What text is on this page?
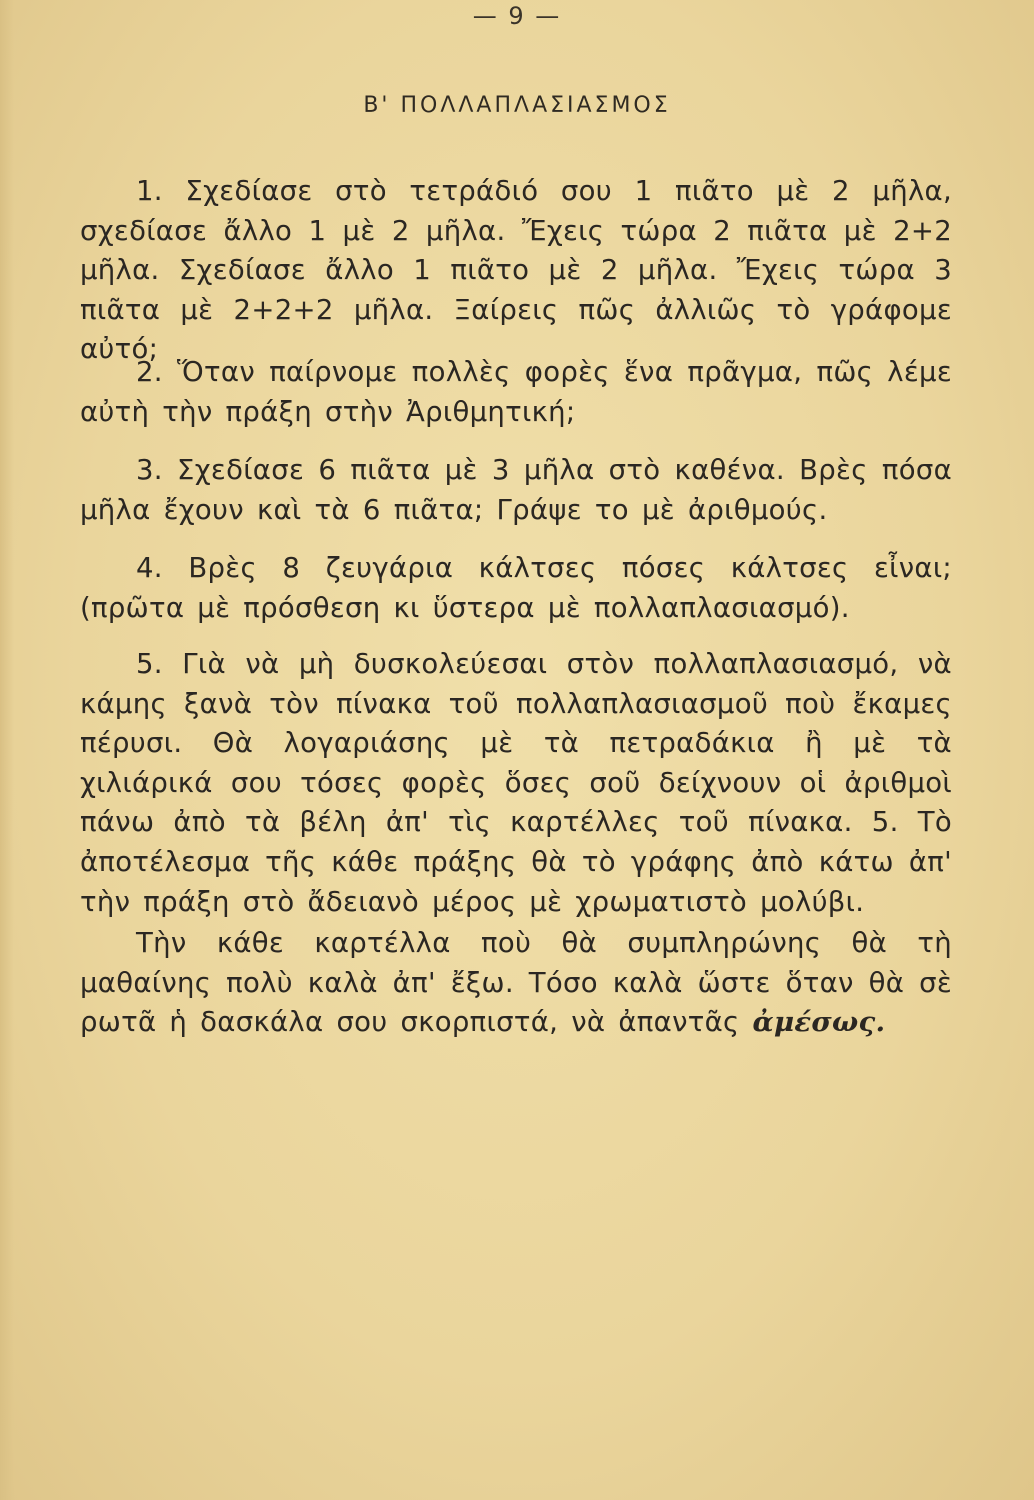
— 9 —
Β' ΠΟΛΛΑΠΛΑΣΙΑΣΜΟΣ
1. Σχεδίασε στὸ τετράδιό σου 1 πιᾶτο μὲ 2 μῆλα, σχεδίασε ἄλλο 1 μὲ 2 μῆλα. Ἔχεις τώρα 2 πιᾶτα μὲ 2+2 μῆλα. Σχεδίασε ἄλλο 1 πιᾶτο μὲ 2 μῆλα. Ἔχεις τώρα 3 πιᾶτα μὲ 2+2+2 μῆλα. Ξαίρεις πῶς ἀλλιῶς τὸ γράφομε αὐτό;
2. Ὅταν παίρνομε πολλὲς φορὲς ἕνα πρᾶγμα, πῶς λέμε αὐτὴ τὴν πράξη στὴν Ἀριθμητική;
3. Σχεδίασε 6 πιᾶτα μὲ 3 μῆλα στὸ καθένα. Βρὲς πόσα μῆλα ἔχουν καὶ τὰ 6 πιᾶτα; Γράψε το μὲ ἀριθμούς.
4. Βρὲς 8 ζευγάρια κάλτσες πόσες κάλτσες εἶναι; (πρῶτα μὲ πρόσθεση κι ὕστερα μὲ πολλαπλασιασμό).
5. Γιὰ νὰ μὴ δυσκολεύεσαι στὸν πολλαπλασιασμό, νὰ κάμης ξανὰ τὸν πίνακα τοῦ πολλαπλασιασμοῦ ποὺ ἔκαμες πέρυσι. Θὰ λογαριάσης μὲ τὰ πετραδάκια ἢ μὲ τὰ χιλιάρικά σου τόσες φορὲς ὅσες σοῦ δείχνουν οἱ ἀριθμοὶ πάνω ἀπὸ τὰ βέλη ἀπ' τὶς καρτέλλες τοῦ πίνακα. 5. Τὸ ἀποτέλεσμα τῆς κάθε πράξης θὰ τὸ γράφης ἀπὸ κάτω ἀπ' τὴν πράξη στὸ ἄδειανὸ μέρος μὲ χρωματιστὸ μολύβι.
Τὴν κάθε καρτέλλα ποὺ θὰ συμπληρώνης θὰ τὴ μαθαίνης πολὺ καλὰ ἀπ' ἔξω. Τόσο καλὰ ὥστε ὅταν θὰ σὲ ρωτᾶ ἡ δασκάλα σου σκορπιστά, νὰ ἀπαντᾶς ἀμέσως.
